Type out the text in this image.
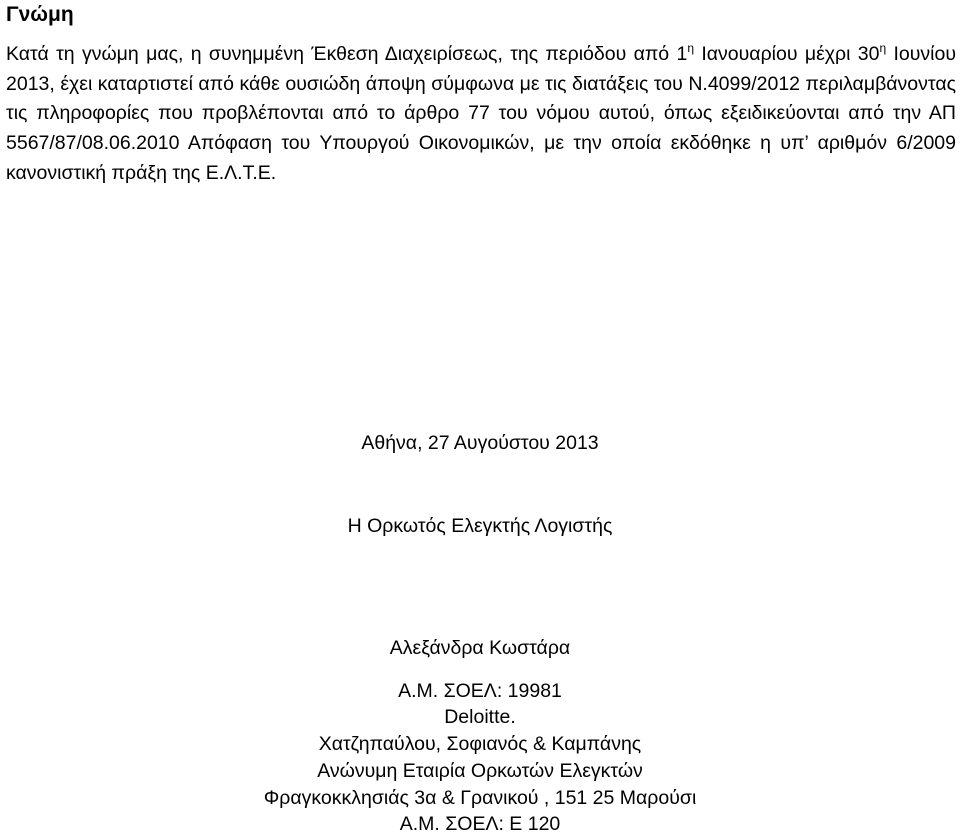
Γνώμη

Κατά τη γνώμη μας, η συνημμένη Έκθεση Διαχειρίσεως, της περιόδου από $1^\eta$ Ιανουαρίου μέχρι $30^\eta$ Ιουνίου 2013, έχει καταρτιστεί από κάθε ουσιώδη άποψη σύμφωνα με τις διατάξεις του Ν.4099/2012 περιλαμβάνοντας τις πληροφορίες που προβλέπονται από το άρθρο 77 του νόμου αυτού, όπως εξειδικεύονται από την ΑΠ 5567/87/08.06.2010 Απόφαση του Υπουργού Οικονομικών, με την οποία εκδόθηκε η υπ’ αριθμόν 6/2009 κανονιστική πράξη της Ε.Λ.Τ.Ε.

Αθήνα, 27 Αυγούστου 2013

Η Ορκωτός Ελεγκτής Λογιστής

Αλεξάνδρα Κωστάρα

Α.Μ. ΣΟΕΛ: 19981

Deloitte.

Χατζηπαύλου, Σοφιανός & Καμπάνης

Ανώνυμη Εταιρία Ορκωτών Ελεγκτών

Φραγκοκκλησιάς 3α & Γρανικού , 151 25 Μαρούσι

Α.Μ. ΣΟΕΛ: Ε 120
